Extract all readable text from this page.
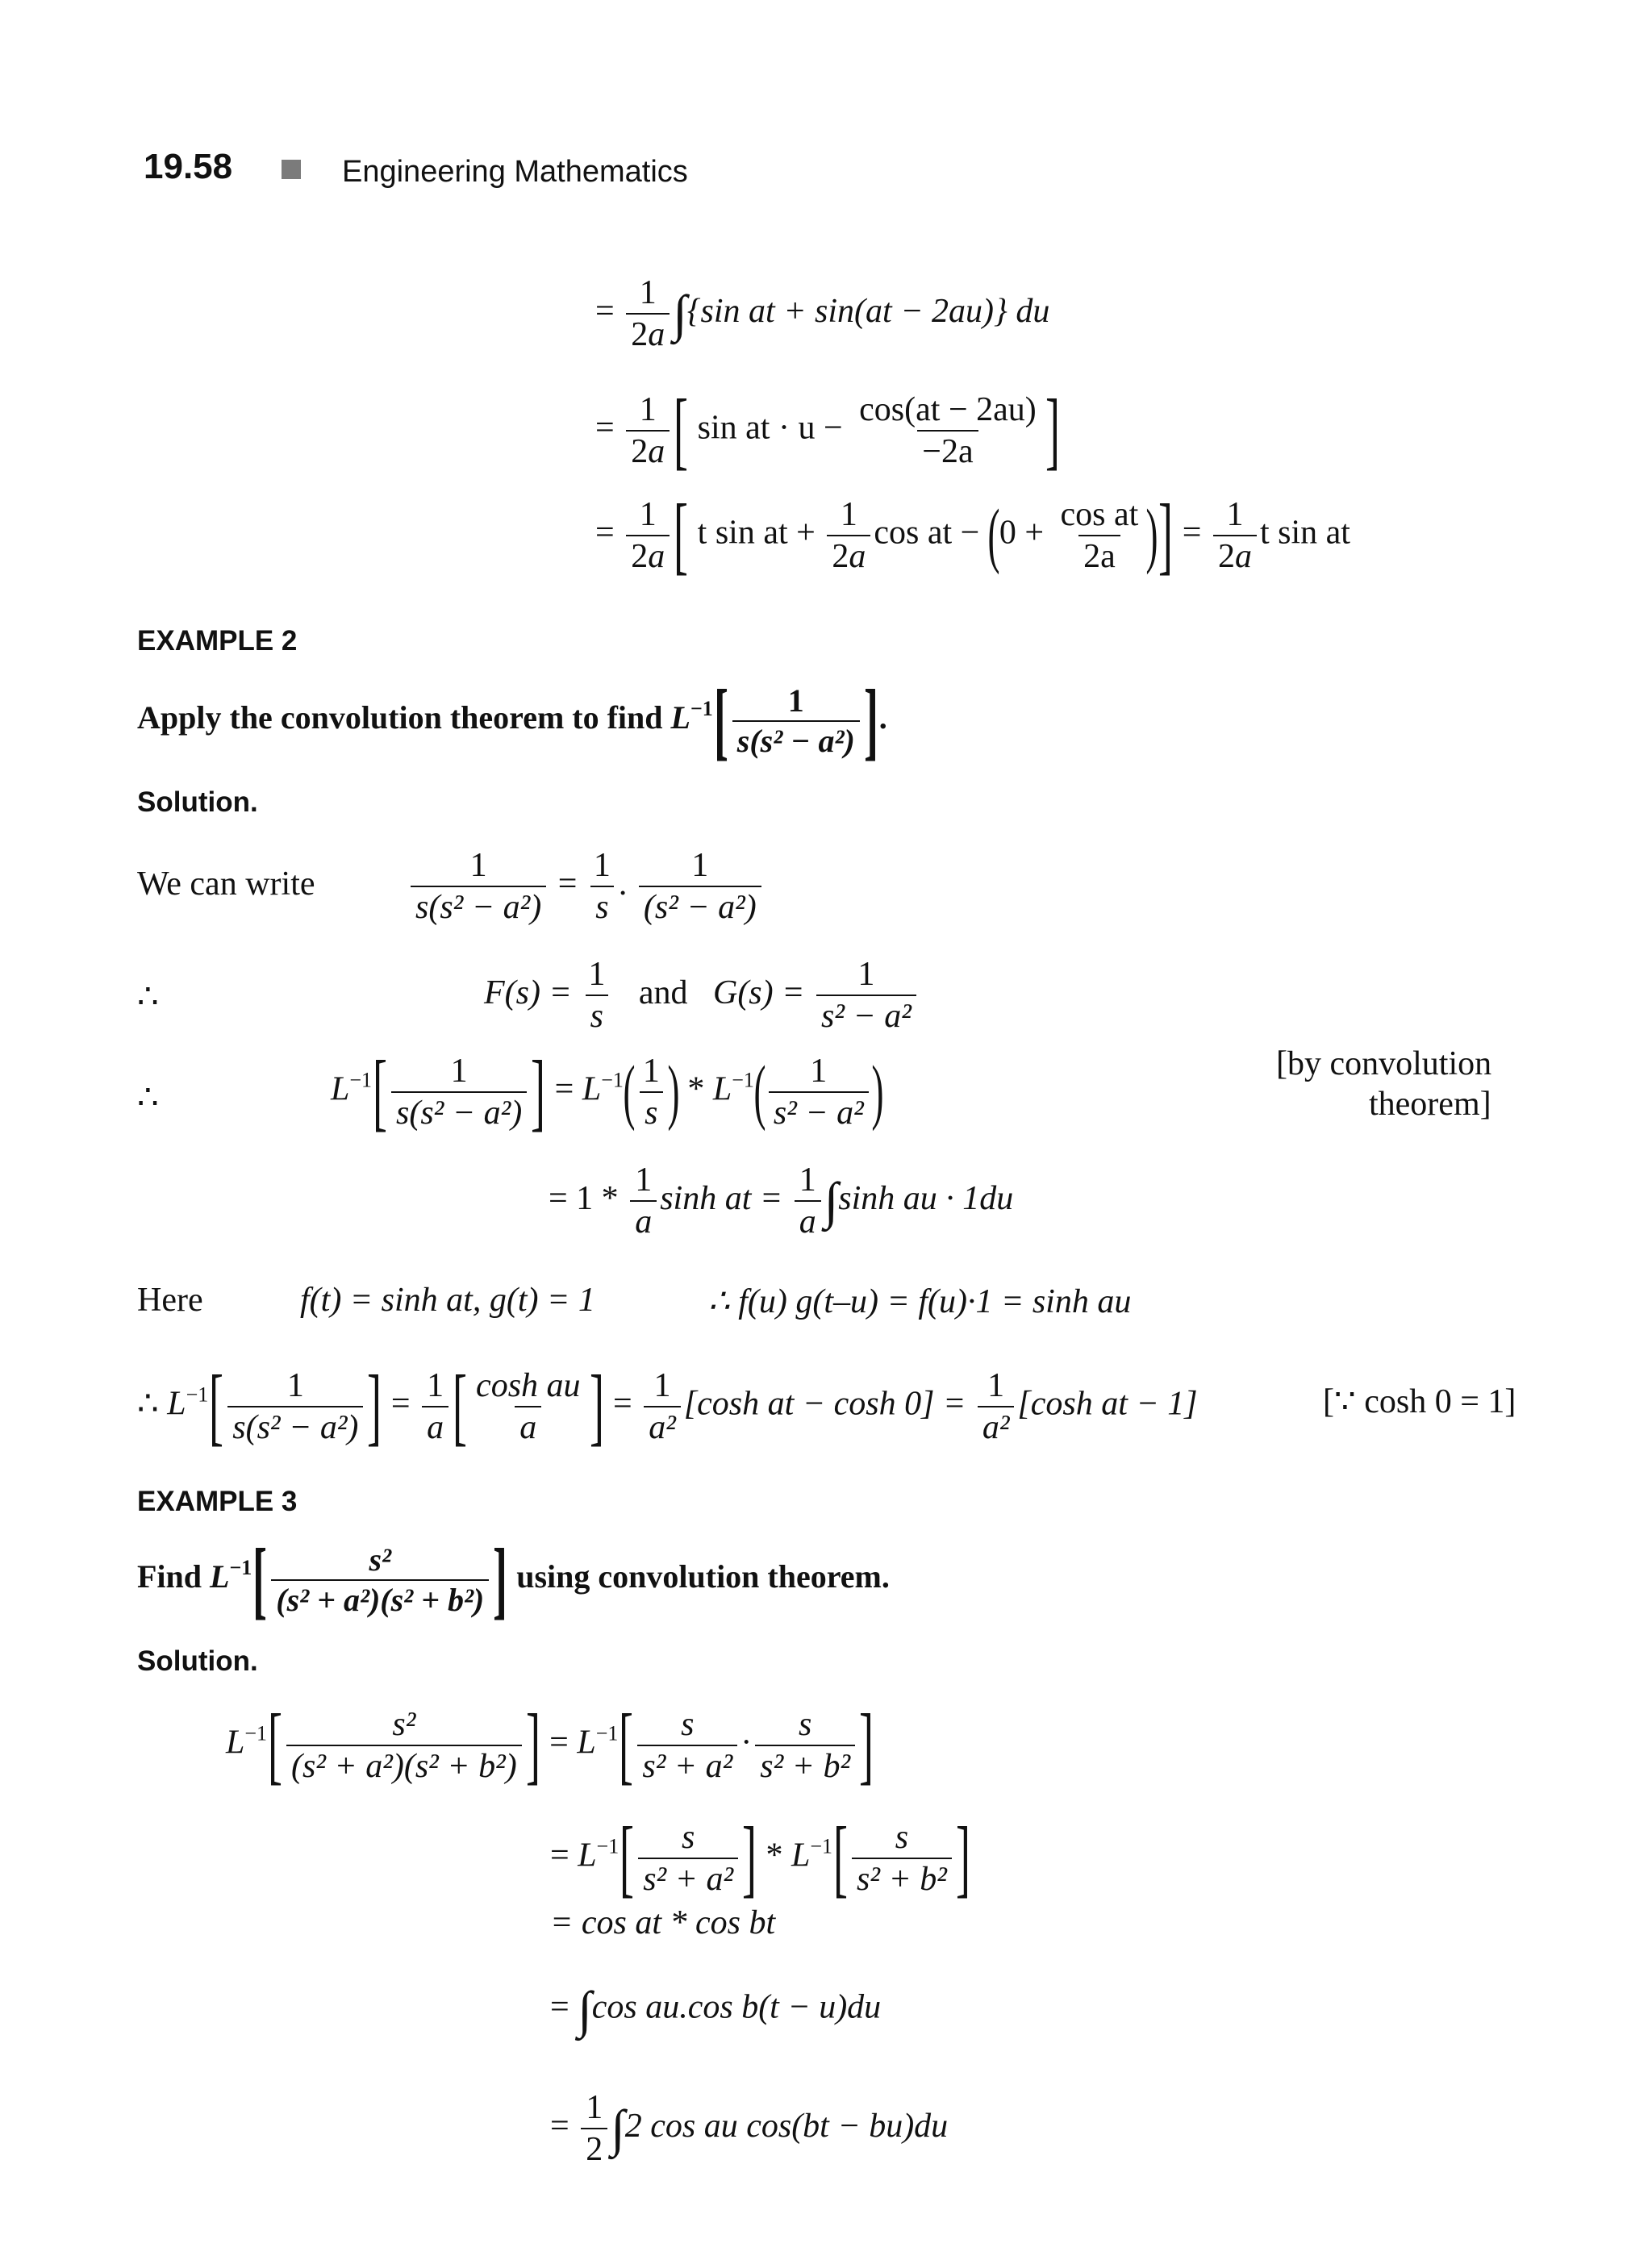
19.58	Engineering Mathematics
= $\frac{1}{2a} \int\{\sin$ at + sin(at − 2au)} du
= $\frac{1}{2a}$ [ sin at · $u - \frac{\cos(at - 2au)}{-2a}$ ]
= $\frac{1}{2a}$ [ t sin at + $\frac{1}{2a}$ cos at − ($0 + \frac{\text{cos at}}{2a}$ )] = $\frac{1}{2a}$ t sin at
EXAMPLE 2
Apply the convolution theorem to find $L^{-1}[ \frac{1}{\text{s(s² − a²)}}$ ].
Solution.
We can write	$\frac{1}{\text{s(s² − a²)}} = \frac{1}{s}$ . $\frac{1}{\text{(s² − a²)}}$
∴	$F(s) = \frac{1}{s}$ and $G(s) = \frac{1}{\text{s² − a²}}$
∴	$L^{-1}[ \frac{1}{\text{s(s² − a²)}}$ ] = $L^{-1}( \frac{1}{s}$ ) * $L^{-1}( \frac{1}{\text{s² − a²}}$ )	[by convolution
theorem]
= $1 * \frac{1}{a}$ sinh at = $\frac{1}{a} \int\sinh$ au · 1du
Here	f(t) = sinh at, g(t) = 1	∴ f(u) g(t–u) = f(u)·1 = sinh au
∴ $L^{-1}[ \frac{1}{\text{s(s² − a²)}}$ ] = $\frac{1}{a}$ [ $\frac{\text{cosh au}}{a}$ ] = $\frac{1}{\text{a²}} [\cosh$ at − $\cosh 0] = \frac{1}{\text{a²}} [\cosh$ at − 1]	[∵ cosh 0 = 1]
EXAMPLE 3
Find $L^{-1}[ \frac{\text{s²}}{\text{(s² + a²)(s² + b²)}}$ ] using convolution theorem.
Solution.
$L^{-1}[ \frac{\text{s²}}{\text{(s² + a²)(s² + b²)}}$ ] = $L^{-1}[ \frac{s}{\text{s² + a²}} \cdot \frac{s}{\text{s² + b²}}$ ]
= $L^{-1}[ \frac{s}{\text{s² + a²}}$ ] * $L^{-1}[ \frac{s}{\text{s² + b²}}$ ]
= cos at * cos bt
= ∫cos au.cos b(t − u)du
= $\frac{1}{2} \int 2$ cos au cos(bt − bu)du
